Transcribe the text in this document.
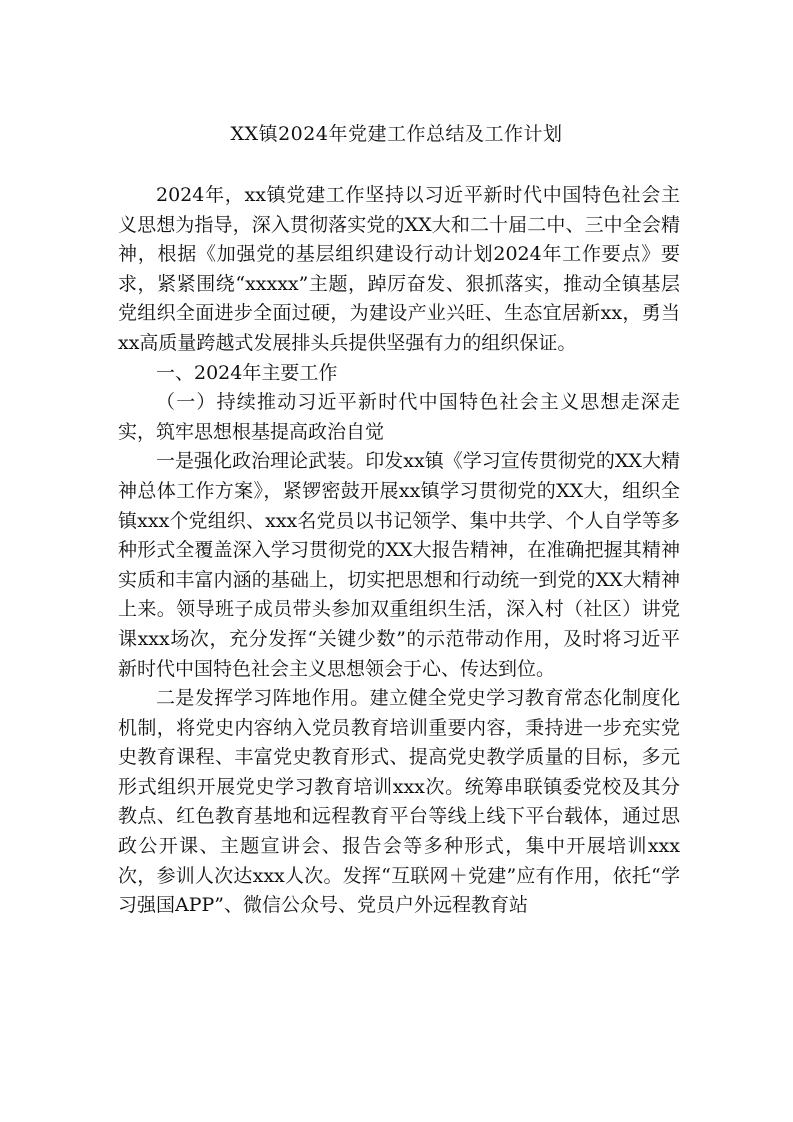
XX镇2024年党建工作总结及工作计划

2024年，xx镇党建工作坚持以习近平新时代中国特色社会主义思想为指导，深入贯彻落实党的XX大和二十届二中、三中全会精神，根据《加强党的基层组织建设行动计划2024年工作要点》要求，紧紧围绕“xxxxx”主题，踔厉奋发、狠抓落实，推动全镇基层党组织全面进步全面过硬，为建设产业兴旺、生态宜居新xx，勇当xx高质量跨越式发展排头兵提供坚强有力的组织保证。

一、2024年主要工作

（一）持续推动习近平新时代中国特色社会主义思想走深走实，筑牢思想根基提高政治自觉

一是强化政治理论武装。印发xx镇《学习宣传贯彻党的XX大精神总体工作方案》，紧锣密鼓开展xx镇学习贯彻党的XX大，组织全镇xxx个党组织、xxx名党员以书记领学、集中共学、个人自学等多种形式全覆盖深入学习贯彻党的XX大报告精神，在准确把握其精神实质和丰富内涵的基础上，切实把思想和行动统一到党的XX大精神上来。领导班子成员带头参加双重组织生活，深入村（社区）讲党课xxx场次，充分发挥“关键少数”的示范带动作用，及时将习近平新时代中国特色社会主义思想领会于心、传达到位。

二是发挥学习阵地作用。建立健全党史学习教育常态化制度化机制，将党史内容纳入党员教育培训重要内容，秉持进一步充实党史教育课程、丰富党史教育形式、提高党史教学质量的目标，多元形式组织开展党史学习教育培训xxx次。统筹串联镇委党校及其分教点、红色教育基地和远程教育平台等线上线下平台载体，通过思政公开课、主题宣讲会、报告会等多种形式，集中开展培训xxx次，参训人次达xxx人次。发挥“互联网＋党建”应有作用，依托“学习强国APP”、微信公众号、党员户外远程教育站
